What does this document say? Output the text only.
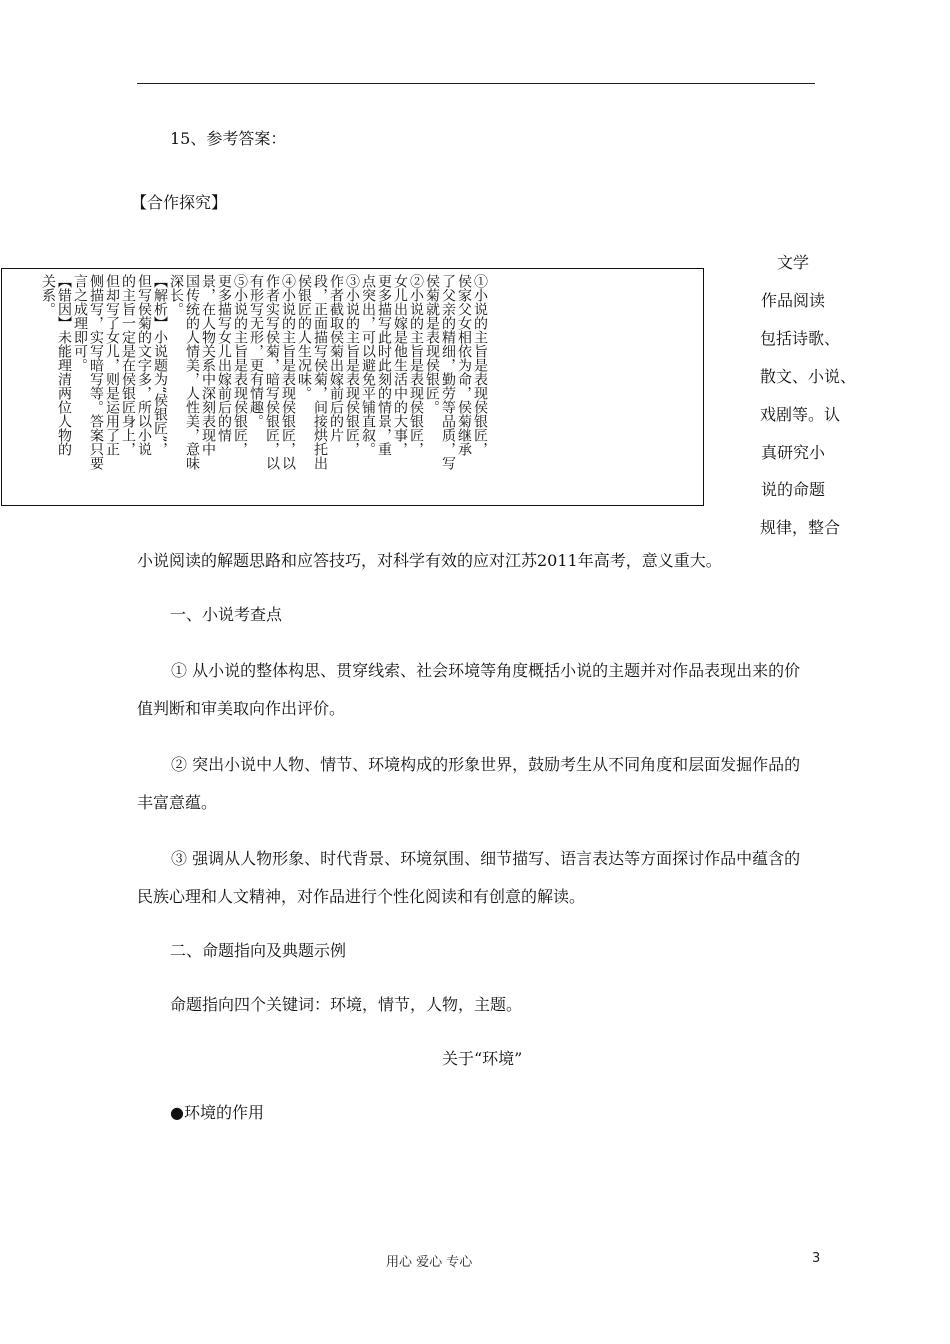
15、参考答案：
【合作探究】
①小说的主旨是表现侯银匠，
侯家父女相依为命，侯菊继承
了父亲的精细，勤劳等品质，写
侯菊就是表现侯银匠。
②小说的主旨是表现侯银匠，
女儿出嫁是他生活中的大事，
更多描写此时此刻的情景，重
点突出，可以避免平铺直叙。
③小说的主旨是表现侯银匠，
作者截取侯菊出嫁前后的片
段，正面描写侯菊，间接烘托出
侯银匠的人生况味。
④小说的主旨是表现侯银匠，以
作者实写侯菊，暗写侯银匠，以
有形写无形，更有情趣。
⑤小说的主旨是表现侯银匠，
更多描写女儿出嫁前后的情
景，在人物关系中深刻表现中
国传统的人情美，人性美，意味
深长。
【解析】小说题为“侯银匠”，
但写侯菊的文字多，所以小说
的主旨一定是在侯银匠身上，
但却写了女儿，则是运用了正
侧描写，实写暗写等。答案只要
言之成理即可。
【错因】未能理清两位人物的
关系。

文学
作品阅读
包括诗歌、
散文、小说、
戏剧等。认
真研究小
说的命题
规律，整合
小说阅读的解题思路和应答技巧，对科学有效的应对江苏2011年高考，意义重大。
一、小说考查点
① 从小说的整体构思、贯穿线索、社会环境等角度概括小说的主题并对作品表现出来的价值判断和审美取向作出评价。
② 突出小说中人物、情节、环境构成的形象世界，鼓励考生从不同角度和层面发掘作品的丰富意蕴。
③ 强调从人物形象、时代背景、环境氛围、细节描写、语言表达等方面探讨作品中蕴含的民族心理和人文精神，对作品进行个性化阅读和有创意的解读。
二、命题指向及典题示例
命题指向四个关键词：环境，情节，人物，主题。
关于“环境”
●环境的作用
用心 爱心 专心	3
